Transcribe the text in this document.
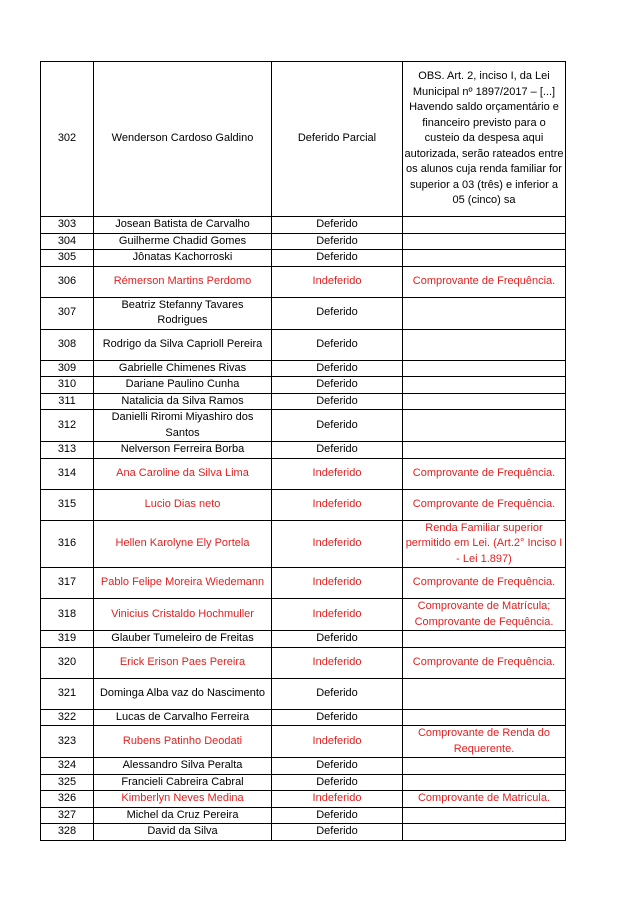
302	Wenderson Cardoso Galdino	Deferido Parcial	OBS. Art. 2, inciso I, da Lei Municipal nº 1897/2017 – [...] Havendo saldo orçamentário e financeiro previsto para o custeio da despesa aqui autorizada, serão rateados entre os alunos cuja renda familiar for superior a 03 (três) e inferior a 05 (cinco) sa
303	Josean Batista de Carvalho	Deferido	
304	Guilherme Chadid Gomes	Deferido	
305	Jônatas Kachorroski	Deferido	
306	Rémerson Martins Perdomo	Indeferido	Comprovante de Frequência.
307	Beatriz Stefanny Tavares Rodrigues	Deferido	
308	Rodrigo da Silva Caprioll Pereira	Deferido	
309	Gabrielle Chimenes Rivas	Deferido	
310	Dariane Paulino Cunha	Deferido	
311	Natalicia da Silva Ramos	Deferido	
312	Danielli Riromi Miyashiro dos Santos	Deferido	
313	Nelverson Ferreira Borba	Deferido	
314	Ana Caroline da Silva Lima	Indeferido	Comprovante de Frequência.
315	Lucio Dias neto	Indeferido	Comprovante de Frequência.
316	Hellen Karolyne Ely Portela	Indeferido	Renda Familiar superior permitido em Lei. (Art.2° Inciso I - Lei 1.897)
317	Pablo Felipe Moreira Wiedemann	Indeferido	Comprovante de Frequência.
318	Vinicius Cristaldo Hochmuller	Indeferido	Comprovante de Matrícula; Comprovante de Fequência.
319	Glauber Tumeleiro de Freitas	Deferido	
320	Erick Erison Paes Pereira	Indeferido	Comprovante de Frequência.
321	Dominga Alba vaz do Nascimento	Deferido	
322	Lucas de Carvalho Ferreira	Deferido	
323	Rubens Patinho Deodati	Indeferido	Comprovante de Renda do Requerente.
324	Alessandro Silva Peralta	Deferido	
325	Francieli Cabreira Cabral	Deferido	
326	Kimberlyn Neves Medina	Indeferido	Comprovante de Matricula.
327	Michel da Cruz Pereira	Deferido	
328	David da Silva	Deferido	
